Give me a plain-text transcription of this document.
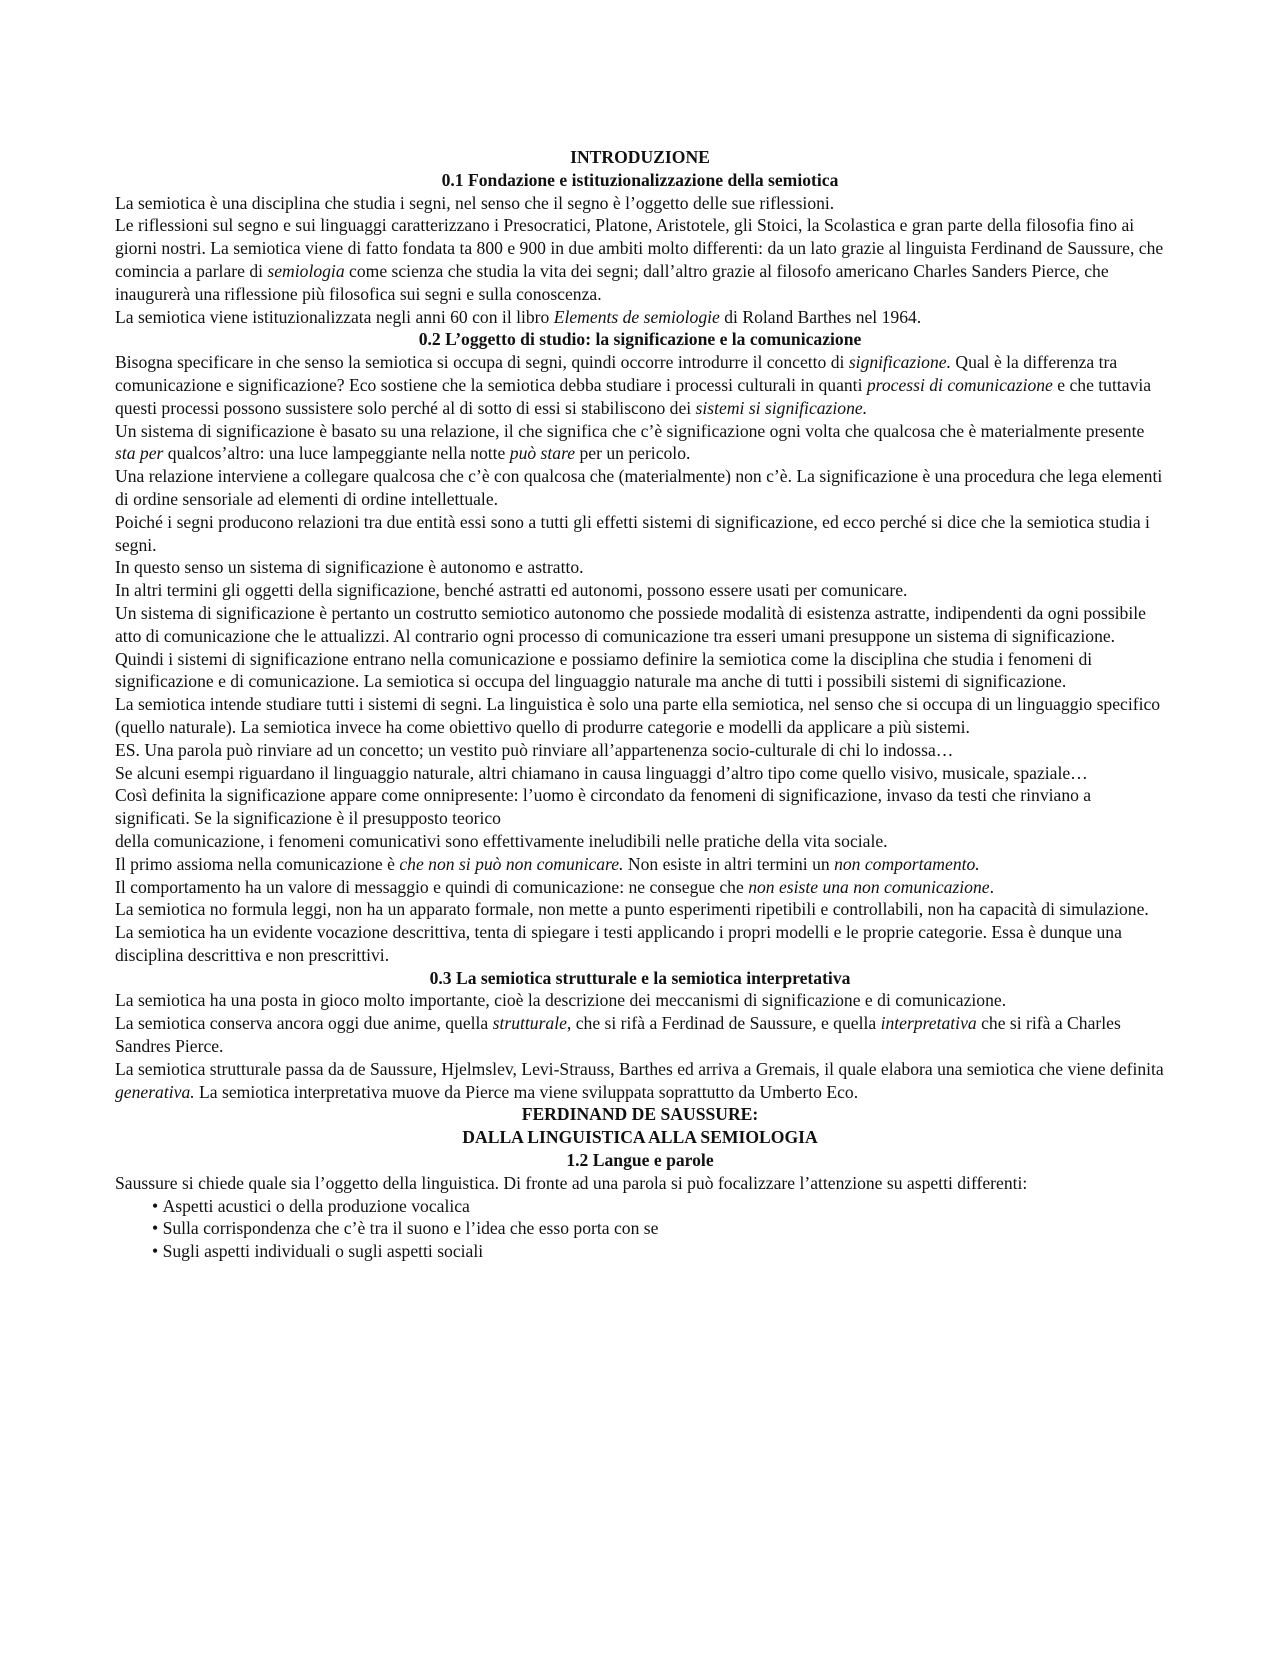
INTRODUZIONE
0.1 Fondazione e istituzionalizzazione della semiotica

La semiotica è una disciplina che studia i segni, nel senso che il segno è l’oggetto delle sue riflessioni.

Le riflessioni sul segno e sui linguaggi caratterizzano i Presocratici, Platone, Aristotele, gli Stoici, la Scolastica e gran parte della filosofia fino ai giorni nostri. La semiotica viene di fatto fondata ta 800 e 900 in due ambiti molto differenti: da un lato grazie al linguista Ferdinand de Saussure, che comincia a parlare di semiologia come scienza che studia la vita dei segni; dall’altro grazie al filosofo americano Charles Sanders Pierce, che inaugurerà una riflessione più filosofica sui segni e sulla conoscenza.

La semiotica viene istituzionalizzata negli anni 60 con il libro Elements de semiologie di Roland Barthes nel 1964.

0.2 L’oggetto di studio: la significazione e la comunicazione

Bisogna specificare in che senso la semiotica si occupa di segni, quindi occorre introdurre il concetto di significazione. Qual è la differenza tra comunicazione e significazione? Eco sostiene che la semiotica debba studiare i processi culturali in quanti processi di comunicazione e che tuttavia questi processi possono sussistere solo perché al di sotto di essi si stabiliscono dei sistemi si significazione.

Un sistema di significazione è basato su una relazione, il che significa che c’è significazione ogni volta che qualcosa che è materialmente presente sta per qualcos’altro: una luce lampeggiante nella notte può stare per un pericolo.

Una relazione interviene a collegare qualcosa che c’è con qualcosa che (materialmente) non c’è. La significazione è una procedura che lega elementi di ordine sensoriale ad elementi di ordine intellettuale.

Poiché i segni producono relazioni tra due entità essi sono a tutti gli effetti sistemi di significazione, ed ecco perché si dice che la semiotica studia i segni.

In questo senso un sistema di significazione è autonomo e astratto.

In altri termini gli oggetti della significazione, benché astratti ed autonomi, possono essere usati per comunicare.

Un sistema di significazione è pertanto un costrutto semiotico autonomo che possiede modalità di esistenza astratte, indipendenti da ogni possibile atto di comunicazione che le attualizzi. Al contrario ogni processo di comunicazione tra esseri umani presuppone un sistema di significazione.

Quindi i sistemi di significazione entrano nella comunicazione e possiamo definire la semiotica come la disciplina che studia i fenomeni di significazione e di comunicazione. La semiotica si occupa del linguaggio naturale ma anche di tutti i possibili sistemi di significazione.

La semiotica intende studiare tutti i sistemi di segni. La linguistica è solo una parte ella semiotica, nel senso che si occupa di un linguaggio specifico (quello naturale). La semiotica invece ha come obiettivo quello di produrre categorie e modelli da applicare a più sistemi.

ES. Una parola può rinviare ad un concetto; un vestito può rinviare all’appartenenza socio-culturale di chi lo indossa…

Se alcuni esempi riguardano il linguaggio naturale, altri chiamano in causa linguaggi d’altro tipo come quello visivo, musicale, spaziale…

Così definita la significazione appare come onnipresente: l’uomo è circondato da fenomeni di significazione, invaso da testi che rinviano a significati. Se la significazione è il presupposto teorico

della comunicazione, i fenomeni comunicativi sono effettivamente ineludibili nelle pratiche della vita sociale.

Il primo assioma nella comunicazione è che non si può non comunicare. Non esiste in altri termini un non comportamento.

Il comportamento ha un valore di messaggio e quindi di comunicazione: ne consegue che non esiste una non comunicazione.

La semiotica no formula leggi, non ha un apparato formale, non mette a punto esperimenti ripetibili e controllabili, non ha capacità di simulazione. La semiotica ha un evidente vocazione descrittiva, tenta di spiegare i testi applicando i propri modelli e le proprie categorie. Essa è dunque una disciplina descrittiva e non prescrittivi.

0.3 La semiotica strutturale e la semiotica interpretativa

La semiotica ha una posta in gioco molto importante, cioè la descrizione dei meccanismi di significazione e di comunicazione.

La semiotica conserva ancora oggi due anime, quella strutturale, che si rifà a Ferdinad de Saussure, e quella interpretativa che si rifà a Charles Sandres Pierce.

La semiotica strutturale passa da de Saussure, Hjelmslev, Levi-Strauss, Barthes ed arriva a Gremais, il quale elabora una semiotica che viene definita generativa. La semiotica interpretativa muove da Pierce ma viene sviluppata soprattutto da Umberto Eco.

FERDINAND DE SAUSSURE:
DALLA LINGUISTICA ALLA SEMIOLOGIA
1.2 Langue e parole

Saussure si chiede quale sia l’oggetto della linguistica. Di fronte ad una parola si può focalizzare l’attenzione su aspetti differenti:

• Aspetti acustici o della produzione vocalica
• Sulla corrispondenza che c’è tra il suono e l’idea che esso porta con se
• Sugli aspetti individuali o sugli aspetti sociali
